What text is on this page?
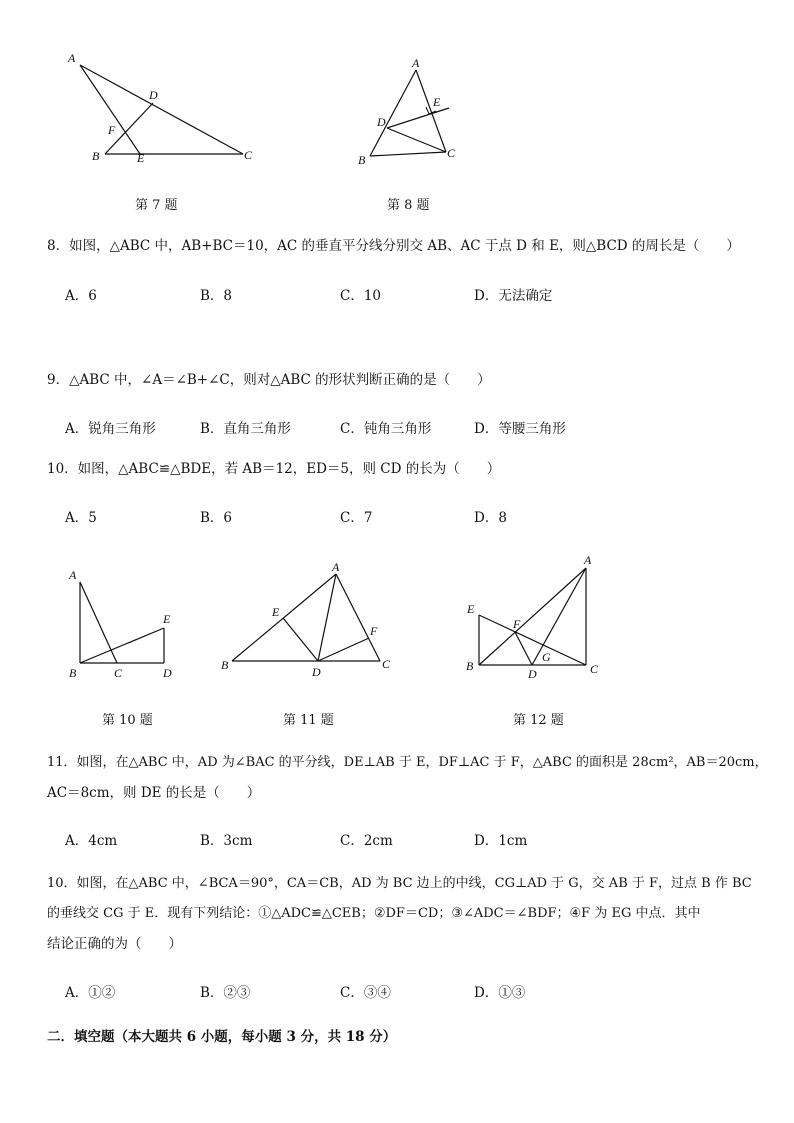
A
D
F
B	E	C
第 7 题
A
E
D
B	C
第 8 题
8．如图，△ABC 中，AB+BC＝10，AC 的垂直平分线分别交 AB、AC 于点 D 和 E，则△BCD 的周长是（　　）
A．6	B．8	C．10	D．无法确定
9．△ABC 中，∠A＝∠B+∠C，则对△ABC 的形状判断正确的是（　　）
A．锐角三角形	B．直角三角形	C．钝角三角形	D．等腰三角形
10．如图，△ABC≌△BDE，若 AB＝12，ED＝5，则 CD 的长为（　　）
A．5	B．6	C．7	D．8
A
E
B	C	D
第 10 题
A
E
F
B	D
C
第 11 题
A
E
F
G
B
D	C
第 12 题
11．如图，在△ABC 中，AD 为∠BAC 的平分线，DE⊥AB 于 E，DF⊥AC 于 F，△ABC 的面积是 28cm²，AB＝20cm，
AC＝8cm，则 DE 的长是（　　）
A．4cm	B．3cm	C．2cm	D．1cm
10．如图，在△ABC 中，∠BCA＝90°，CA＝CB，AD 为 BC 边上的中线，CG⊥AD 于 G，交 AB 于 F，过点 B 作 BC
的垂线交 CG 于 E．现有下列结论：①△ADC≌△CEB；②DF＝CD；③∠ADC＝∠BDF；④F 为 EG 中点．其中
结论正确的为（　　）
A．①②	B．②③	C．③④	D．①③
二．填空题（本大题共 6 小题，每小题 3 分，共 18 分）
